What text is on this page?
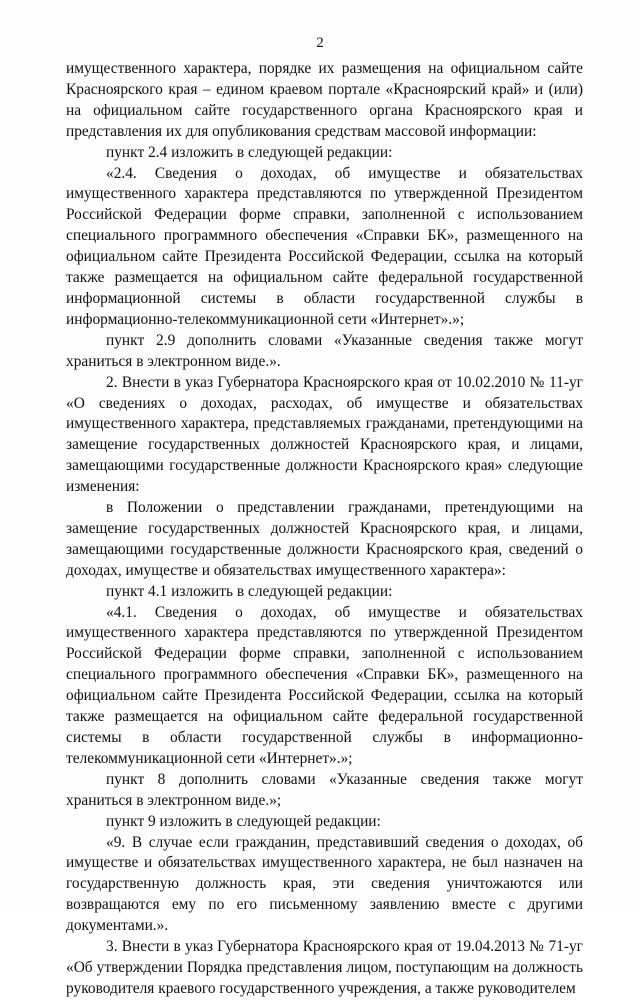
2

имущественного характера, порядке их размещения на официальном сайте Красноярского края – едином краевом портале «Красноярский край» и (или) на официальном сайте государственного органа Красноярского края и представления их для опубликования средствам массовой информации:

пункт 2.4 изложить в следующей редакции:

«2.4. Сведения о доходах, об имуществе и обязательствах имущественного характера представляются по утвержденной Президентом Российской Федерации форме справки, заполненной с использованием специального программного обеспечения «Справки БК», размещенного на официальном сайте Президента Российской Федерации, ссылка на который также размещается на официальном сайте федеральной государственной информационной системы в области государственной службы в информационно-телекоммуникационной сети «Интернет».»;

пункт 2.9 дополнить словами «Указанные сведения также могут храниться в электронном виде.».

2. Внести в указ Губернатора Красноярского края от 10.02.2010 № 11-уг «О сведениях о доходах, расходах, об имуществе и обязательствах имущественного характера, представляемых гражданами, претендующими на замещение государственных должностей Красноярского края, и лицами, замещающими государственные должности Красноярского края» следующие изменения:

в Положении о представлении гражданами, претендующими на замещение государственных должностей Красноярского края, и лицами, замещающими государственные должности Красноярского края, сведений о доходах, имуществе и обязательствах имущественного характера»:

пункт 4.1 изложить в следующей редакции:

«4.1. Сведения о доходах, об имуществе и обязательствах имущественного характера представляются по утвержденной Президентом Российской Федерации форме справки, заполненной с использованием специального программного обеспечения «Справки БК», размещенного на официальном сайте Президента Российской Федерации, ссылка на который также размещается на официальном сайте федеральной государственной системы в области государственной службы в информационно-телекоммуникационной сети «Интернет».»;

пункт 8 дополнить словами «Указанные сведения также могут храниться в электронном виде.»;

пункт 9 изложить в следующей редакции:

«9. В случае если гражданин, представивший сведения о доходах, об имуществе и обязательствах имущественного характера, не был назначен на государственную должность края, эти сведения уничтожаются или возвращаются ему по его письменному заявлению вместе с другими документами.».

3. Внести в указ Губернатора Красноярского края от 19.04.2013 № 71-уг «Об утверждении Порядка представления лицом, поступающим на должность руководителя краевого государственного учреждения, а также руководителем
